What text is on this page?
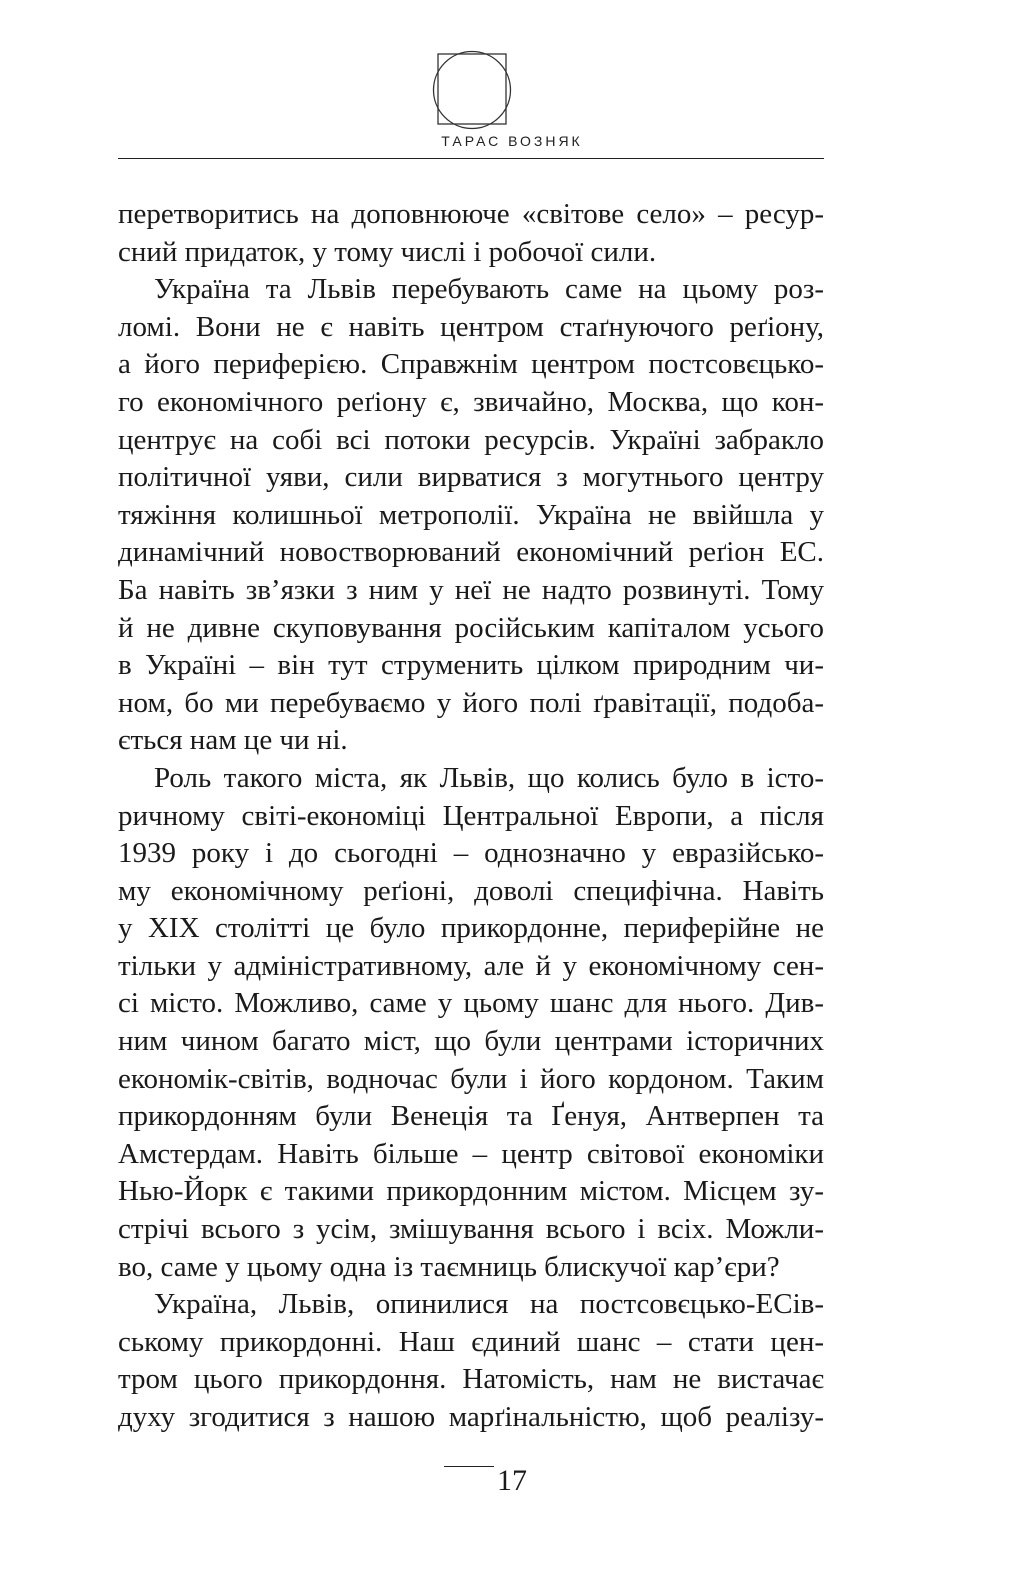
ТАРАС ВОЗНЯК
перетворитись на доповнююче «світове село» – ресур-
сний придаток, у тому числі і робочої сили.
Україна та Львів перебувають саме на цьому роз-
ломі. Вони не є навіть центром стаґнуючого реґіону,
а його периферією. Справжнім центром постсовєцько-
го економічного реґіону є, звичайно, Москва, що кон-
центрує на собі всі потоки ресурсів. Україні забракло
політичної уяви, сили вирватися з могутнього центру
тяжіння колишньої метрополії. Україна не ввійшла у
динамічний новостворюваний економічний реґіон ЕС.
Ба навіть зв’язки з ним у неї не надто розвинуті. Тому
й не дивне скуповування російським капіталом усього
в Україні – він тут струменить цілком природним чи-
ном, бо ми перебуваємо у його полі ґравітації, подоба-
ється нам це чи ні.
Роль такого міста, як Львів, що колись було в істо-
ричному світі-економіці Центральної Европи, а після
1939 року і до сьогодні – однозначно у евразійсько-
му економічному реґіоні, доволі специфічна. Навіть
у ХІХ столітті це було прикордонне, периферійне не
тільки у адміністративному, але й у економічному сен-
сі місто. Можливо, саме у цьому шанс для нього. Див-
ним чином багато міст, що були центрами історичних
економік-світів, водночас були і його кордоном. Таким
прикордонням були Венеція та Ґенуя, Антверпен та
Амстердам. Навіть більше – центр світової економіки
Нью-Йорк є такими прикордонним містом. Місцем зу-
стрічі всього з усім, змішування всього і всіх. Можли-
во, саме у цьому одна із таємниць блискучої кар’єри?
Україна, Львів, опинилися на постсовєцько-ЕСів-
ському прикордонні. Наш єдиний шанс – стати цен-
тром цього прикордоння. Натомість, нам не вистачає
духу згодитися з нашою марґінальністю, щоб реалізу-
17
